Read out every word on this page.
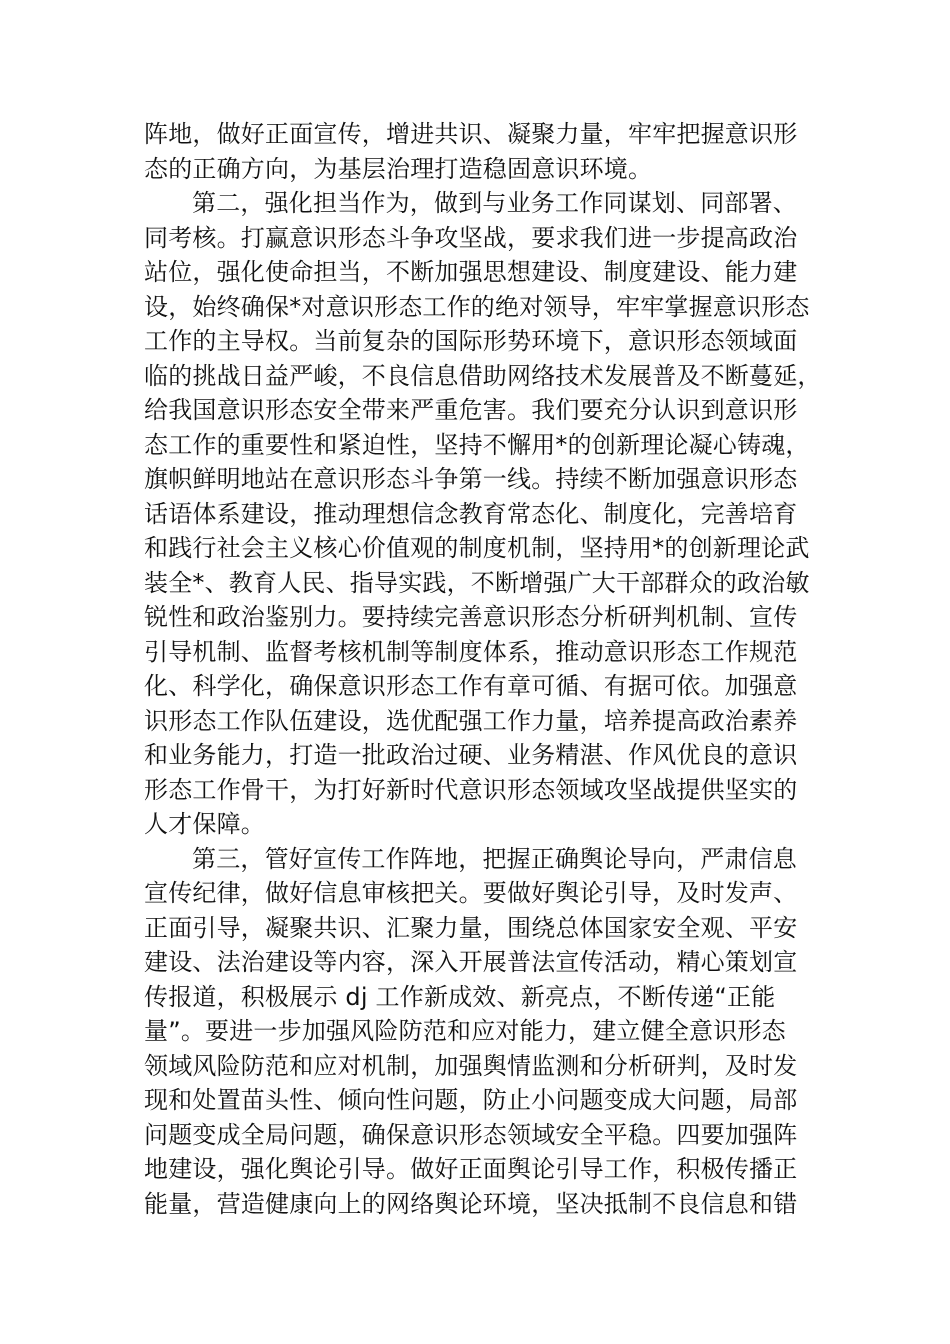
阵地，做好正面宣传，增进共识、凝聚力量，牢牢把握意识形
态的正确方向，为基层治理打造稳固意识环境。
第二，强化担当作为，做到与业务工作同谋划、同部署、
同考核。打赢意识形态斗争攻坚战，要求我们进一步提高政治
站位，强化使命担当，不断加强思想建设、制度建设、能力建
设，始终确保*对意识形态工作的绝对领导，牢牢掌握意识形态
工作的主导权。当前复杂的国际形势环境下，意识形态领域面
临的挑战日益严峻，不良信息借助网络技术发展普及不断蔓延，
给我国意识形态安全带来严重危害。我们要充分认识到意识形
态工作的重要性和紧迫性，坚持不懈用*的创新理论凝心铸魂，
旗帜鲜明地站在意识形态斗争第一线。持续不断加强意识形态
话语体系建设，推动理想信念教育常态化、制度化，完善培育
和践行社会主义核心价值观的制度机制，坚持用*的创新理论武
装全*、教育人民、指导实践，不断增强广大干部群众的政治敏
锐性和政治鉴别力。要持续完善意识形态分析研判机制、宣传
引导机制、监督考核机制等制度体系，推动意识形态工作规范
化、科学化，确保意识形态工作有章可循、有据可依。加强意
识形态工作队伍建设，选优配强工作力量，培养提高政治素养
和业务能力，打造一批政治过硬、业务精湛、作风优良的意识
形态工作骨干，为打好新时代意识形态领域攻坚战提供坚实的
人才保障。
第三，管好宣传工作阵地，把握正确舆论导向，严肃信息
宣传纪律，做好信息审核把关。要做好舆论引导，及时发声、
正面引导，凝聚共识、汇聚力量，围绕总体国家安全观、平安
建设、法治建设等内容，深入开展普法宣传活动，精心策划宣
传报道，积极展示 dj 工作新成效、新亮点，不断传递“正能
量”。要进一步加强风险防范和应对能力，建立健全意识形态
领域风险防范和应对机制，加强舆情监测和分析研判，及时发
现和处置苗头性、倾向性问题，防止小问题变成大问题，局部
问题变成全局问题，确保意识形态领域安全平稳。四要加强阵
地建设，强化舆论引导。做好正面舆论引导工作，积极传播正
能量，营造健康向上的网络舆论环境，坚决抵制不良信息和错
